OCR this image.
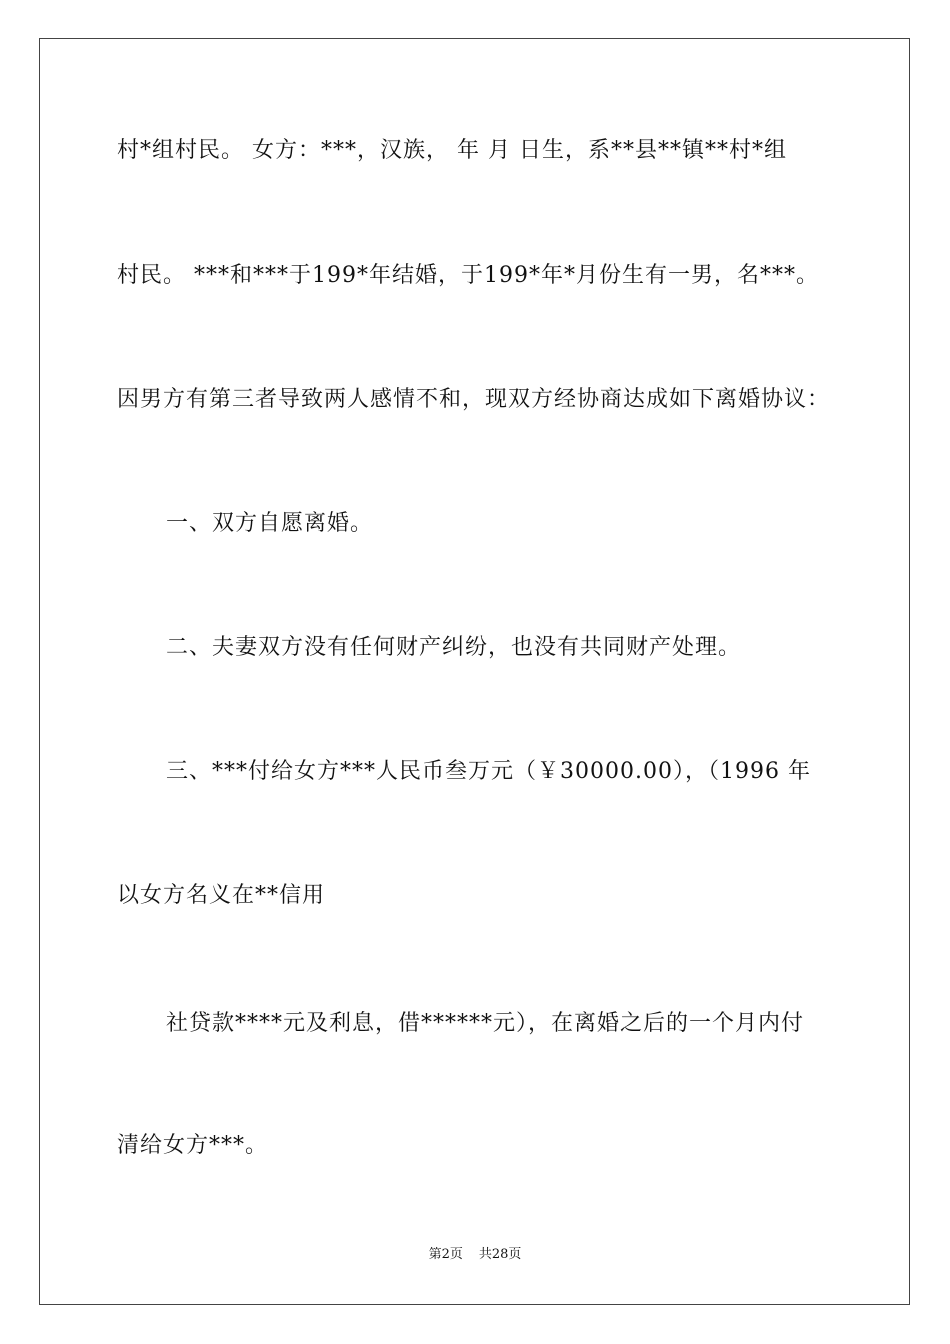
村*组村民。 女方：***，汉族， 年 月 日生，系**县**镇**村*组
村民。 ***和***于199*年结婚，于199*年*月份生有一男，名***。
因男方有第三者导致两人感情不和，现双方经协商达成如下离婚协议：
一、双方自愿离婚。
二、夫妻双方没有任何财产纠纷，也没有共同财产处理。
三、***付给女方***人民币叁万元（￥30000.00），（1996 年
以女方名义在**信用
社贷款****元及利息，借******元），在离婚之后的一个月内付
清给女方***。
第2页 共28页
